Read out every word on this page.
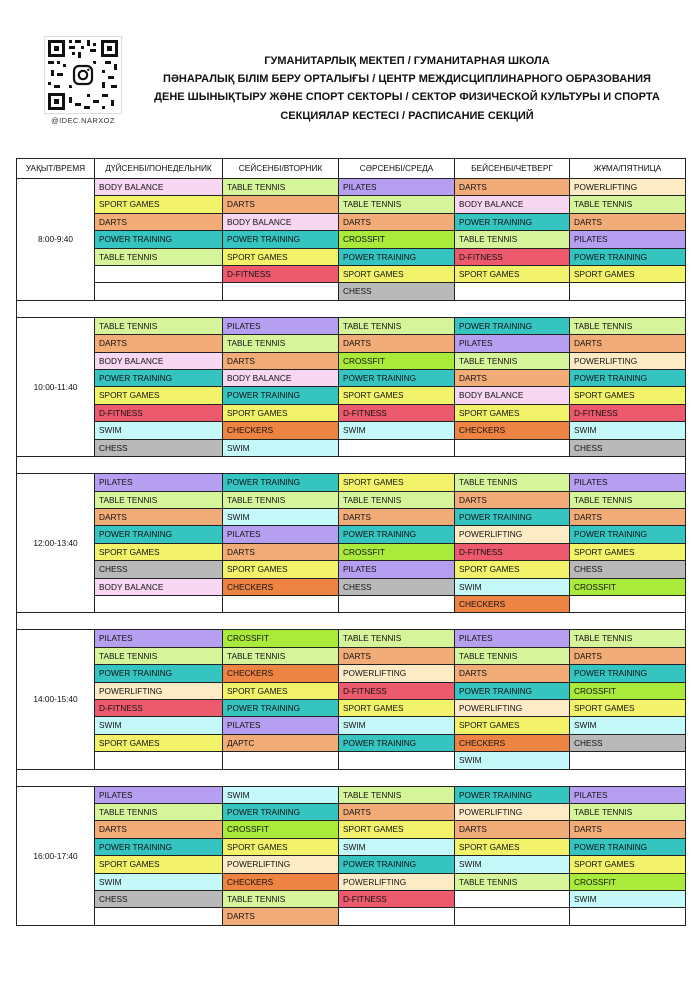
@IDEC.NARXOZ
ГУМАНИТАРЛЫҚ МЕКТЕП / ГУМАНИТАРНАЯ ШКОЛА
ПӘНАРАЛЫҚ БІЛІМ БЕРУ ОРТАЛЫҒЫ / ЦЕНТР МЕЖДИСЦИПЛИНАРНОГО ОБРАЗОВАНИЯ
ДЕНЕ ШЫНЫҚТЫРУ ЖӘНЕ СПОРТ СЕКТОРЫ / СЕКТОР ФИЗИЧЕСКОЙ КУЛЬТУРЫ И СПОРТА
СЕКЦИЯЛАР КЕСТЕСІ / РАСПИСАНИЕ СЕКЦИЙ
УАҚЫТ/ВРЕМЯ	ДҮЙСЕНБІ/ПОНЕДЕЛЬНИК	СЕЙСЕНБІ/ВТОРНИК	СӘРСЕНБІ/СРЕДА	БЕЙСЕНБІ/ЧЕТВЕРГ	ЖҰМА/ПЯТНИЦА
8:00-9:40	BODY BALANCE	TABLE TENNIS	PILATES	DARTS	POWERLIFTING
	SPORT GAMES	DARTS	TABLE TENNIS	BODY BALANCE	TABLE TENNIS
	DARTS	BODY BALANCE	DARTS	POWER TRAINING	DARTS
	POWER TRAINING	POWER TRAINING	CROSSFIT	TABLE TENNIS	PILATES
	TABLE TENNIS	SPORT GAMES	POWER TRAINING	D-FITNESS	POWER TRAINING
		D-FITNESS	SPORT GAMES	SPORT GAMES	SPORT GAMES
			CHESS		

10:00-11:40	TABLE TENNIS	PILATES	TABLE TENNIS	POWER TRAINING	TABLE TENNIS
	DARTS	TABLE TENNIS	DARTS	PILATES	DARTS
	BODY BALANCE	DARTS	CROSSFIT	TABLE TENNIS	POWERLIFTING
	POWER TRAINING	BODY BALANCE	POWER TRAINING	DARTS	POWER TRAINING
	SPORT GAMES	POWER TRAINING	SPORT GAMES	BODY BALANCE	SPORT GAMES
	D-FITNESS	SPORT GAMES	D-FITNESS	SPORT GAMES	D-FITNESS
	SWIM	CHECKERS	SWIM	CHECKERS	SWIM
	CHESS	SWIM			CHESS

12:00-13:40	PILATES	POWER TRAINING	SPORT GAMES	TABLE TENNIS	PILATES
	TABLE TENNIS	TABLE TENNIS	TABLE TENNIS	DARTS	TABLE TENNIS
	DARTS	SWIM	DARTS	POWER TRAINING	DARTS
	POWER TRAINING	PILATES	POWER TRAINING	POWERLIFTING	POWER TRAINING
	SPORT GAMES	DARTS	CROSSFIT	D-FITNESS	SPORT GAMES
	CHESS	SPORT GAMES	PILATES	SPORT GAMES	CHESS
	BODY BALANCE	CHECKERS	CHESS	SWIM	CROSSFIT
				CHECKERS	

14:00-15:40	PILATES	CROSSFIT	TABLE TENNIS	PILATES	TABLE TENNIS
	TABLE TENNIS	TABLE TENNIS	DARTS	TABLE TENNIS	DARTS
	POWER TRAINING	CHECKERS	POWERLIFTING	DARTS	POWER TRAINING
	POWERLIFTING	SPORT GAMES	D-FITNESS	POWER TRAINING	CROSSFIT
	D-FITNESS	POWER TRAINING	SPORT GAMES	POWERLIFTING	SPORT GAMES
	SWIM	PILATES	SWIM	SPORT GAMES	SWIM
	SPORT GAMES	ДАРТС	POWER TRAINING	CHECKERS	CHESS
				SWIM	

16:00-17:40	PILATES	SWIM	TABLE TENNIS	POWER TRAINING	PILATES
	TABLE TENNIS	POWER TRAINING	DARTS	POWERLIFTING	TABLE TENNIS
	DARTS	CROSSFIT	SPORT GAMES	DARTS	DARTS
	POWER TRAINING	SPORT GAMES	SWIM	SPORT GAMES	POWER TRAINING
	SPORT GAMES	POWERLIFTING	POWER TRAINING	SWIM	SPORT GAMES
	SWIM	CHECKERS	POWERLIFTING	TABLE TENNIS	CROSSFIT
	CHESS	TABLE TENNIS	D-FITNESS		SWIM
		DARTS			
